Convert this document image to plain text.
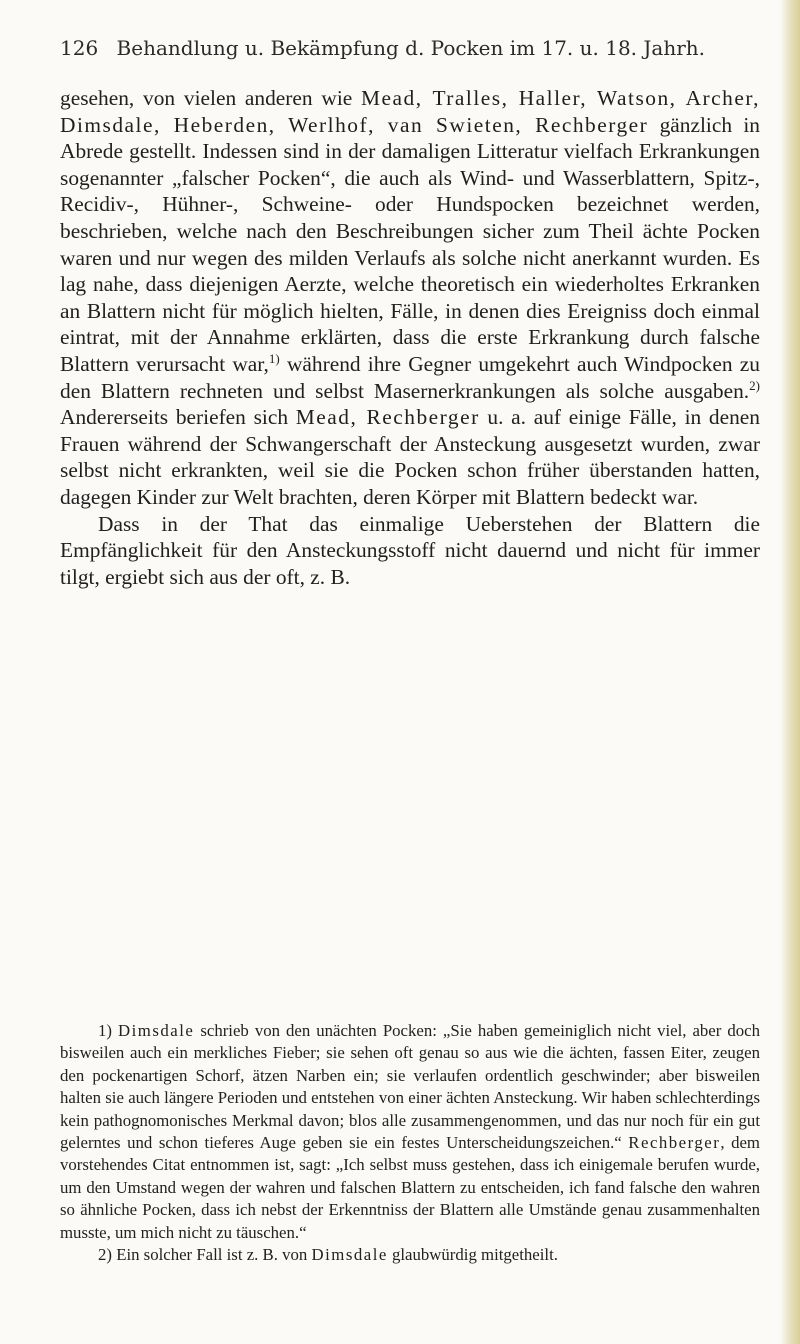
126 Behandlung u. Bekämpfung d. Pocken im 17. u. 18. Jahrh.

gesehen, von vielen anderen wie Mead, Tralles, Haller, Watson, Archer, Dimsdale, Heberden, Werlhof, van Swieten, Rechberger gänzlich in Abrede gestellt. Indessen sind in der damaligen Litteratur vielfach Erkrankungen sogenannter „falscher Pocken“, die auch als Wind- und Wasserblattern, Spitz-, Recidiv-, Hühner-, Schweine- oder Hundspocken bezeichnet werden, beschrieben, welche nach den Beschreibungen sicher zum Theil ächte Pocken waren und nur wegen des milden Verlaufs als solche nicht anerkannt wurden. Es lag nahe, dass diejenigen Aerzte, welche theoretisch ein wiederholtes Erkranken an Blattern nicht für möglich hielten, Fälle, in denen dies Ereigniss doch einmal eintrat, mit der Annahme erklärten, dass die erste Erkrankung durch falsche Blattern verursacht war,$^{1)}$ während ihre Gegner umgekehrt auch Windpocken zu den Blattern rechneten und selbst Masernerkrankungen als solche ausgaben.$^{2)}$ Andererseits beriefen sich Mead, Rechberger u. a. auf einige Fälle, in denen Frauen während der Schwangerschaft der Ansteckung ausgesetzt wurden, zwar selbst nicht erkrankten, weil sie die Pocken schon früher überstanden hatten, dagegen Kinder zur Welt brachten, deren Körper mit Blattern bedeckt war.

Dass in der That das einmalige Ueberstehen der Blattern die Empfänglichkeit für den Ansteckungsstoff nicht dauernd und nicht für immer tilgt, ergiebt sich aus der oft, z. B.

1) Dimsdale schrieb von den unächten Pocken: „Sie haben gemeiniglich nicht viel, aber doch bisweilen auch ein merkliches Fieber; sie sehen oft genau so aus wie die ächten, fassen Eiter, zeugen den pockenartigen Schorf, ätzen Narben ein; sie verlaufen ordentlich geschwinder; aber bisweilen halten sie auch längere Perioden und entstehen von einer ächten Ansteckung. Wir haben schlechterdings kein pathognomonisches Merkmal davon; blos alle zusammengenommen, und das nur noch für ein gut gelerntes und schon tieferes Auge geben sie ein festes Unterscheidungszeichen.“ Rechberger, dem vorstehendes Citat entnommen ist, sagt: „Ich selbst muss gestehen, dass ich einigemale berufen wurde, um den Umstand wegen der wahren und falschen Blattern zu entscheiden, ich fand falsche den wahren so ähnliche Pocken, dass ich nebst der Erkenntniss der Blattern alle Umstände genau zusammenhalten musste, um mich nicht zu täuschen.“

2) Ein solcher Fall ist z. B. von Dimsdale glaubwürdig mitgetheilt.
